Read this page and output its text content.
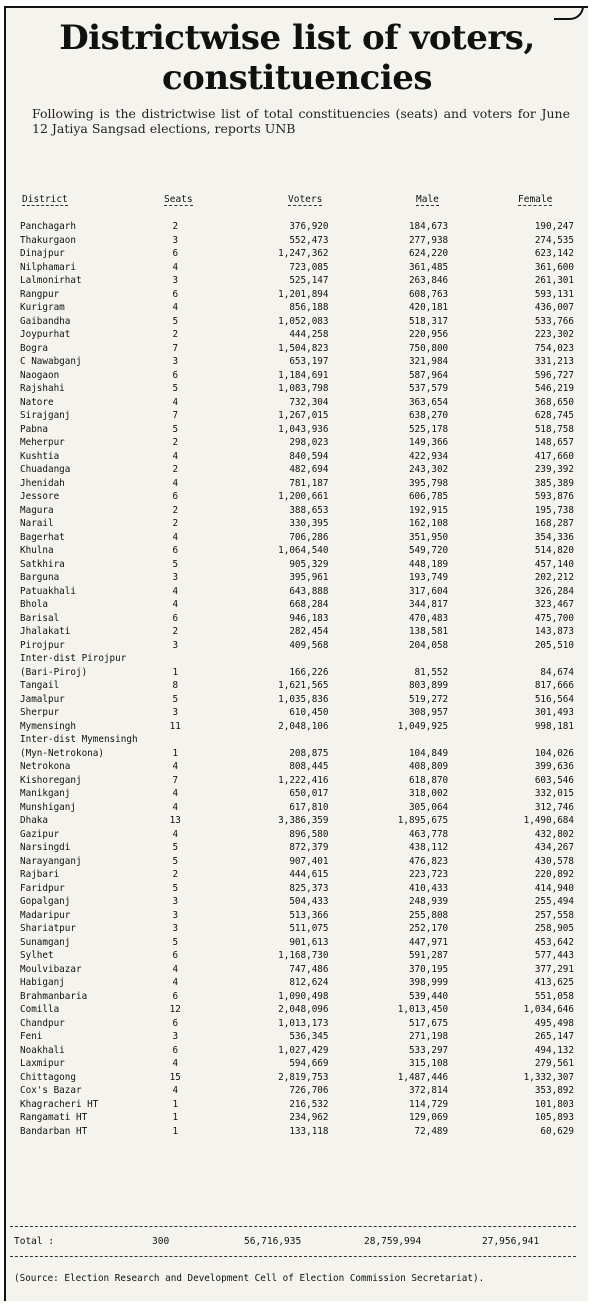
Districtwise list of voters, constituencies

Following is the districtwise list of total constituencies (seats) and voters for June 12 Jatiya Sangsad elections, reports UNB

District	Seats	Voters	Male	Female
Panchagarh	2	376,920	184,673	190,247
Thakurgaon	3	552,473	277,938	274,535
Dinajpur	6	1,247,362	624,220	623,142
Nilphamari	4	723,085	361,485	361,600
Lalmonirhat	3	525,147	263,846	261,301
Rangpur	6	1,201,894	608,763	593,131
Kurigram	4	856,188	420,181	436,007
Gaibandha	5	1,052,083	518,317	533,766
Joypurhat	2	444,258	220,956	223,302
Bogra	7	1,504,823	750,800	754,023
C Nawabganj	3	653,197	321,984	331,213
Naogaon	6	1,184,691	587,964	596,727
Rajshahi	5	1,083,798	537,579	546,219
Natore	4	732,304	363,654	368,650
Sirajganj	7	1,267,015	638,270	628,745
Pabna	5	1,043,936	525,178	518,758
Meherpur	2	298,023	149,366	148,657
Kushtia	4	840,594	422,934	417,660
Chuadanga	2	482,694	243,302	239,392
Jhenidah	4	781,187	395,798	385,389
Jessore	6	1,200,661	606,785	593,876
Magura	2	388,653	192,915	195,738
Narail	2	330,395	162,108	168,287
Bagerhat	4	706,286	351,950	354,336
Khulna	6	1,064,540	549,720	514,820
Satkhira	5	905,329	448,189	457,140
Barguna	3	395,961	193,749	202,212
Patuakhali	4	643,888	317,604	326,284
Bhola	4	668,284	344,817	323,467
Barisal	6	946,183	470,483	475,700
Jhalakati	2	282,454	138,581	143,873
Pirojpur	3	409,568	204,058	205,510
Inter-dist Pirojpur				
(Bari-Piroj)	1	166,226	81,552	84,674
Tangail	8	1,621,565	803,899	817,666
Jamalpur	5	1,035,836	519,272	516,564
Sherpur	3	610,450	308,957	301,493
Mymensingh	11	2,048,106	1,049,925	998,181
Inter-dist Mymensingh				
(Myn-Netrokona)	1	208,875	104,849	104,026
Netrokona	4	808,445	408,809	399,636
Kishoreganj	7	1,222,416	618,870	603,546
Manikganj	4	650,017	318,002	332,015
Munshiganj	4	617,810	305,064	312,746
Dhaka	13	3,386,359	1,895,675	1,490,684
Gazipur	4	896,580	463,778	432,802
Narsingdi	5	872,379	438,112	434,267
Narayanganj	5	907,401	476,823	430,578
Rajbari	2	444,615	223,723	220,892
Faridpur	5	825,373	410,433	414,940
Gopalganj	3	504,433	248,939	255,494
Madaripur	3	513,366	255,808	257,558
Shariatpur	3	511,075	252,170	258,905
Sunamganj	5	901,613	447,971	453,642
Sylhet	6	1,168,730	591,287	577,443
Moulvibazar	4	747,486	370,195	377,291
Habiganj	4	812,624	398,999	413,625
Brahmanbaria	6	1,090,498	539,440	551,058
Comilla	12	2,048,096	1,013,450	1,034,646
Chandpur	6	1,013,173	517,675	495,498
Feni	3	536,345	271,198	265,147
Noakhali	6	1,027,429	533,297	494,132
Laxmipur	4	594,669	315,108	279,561
Chittagong	15	2,819,753	1,487,446	1,332,307
Cox's Bazar	4	726,706	372,814	353,892
Khagracheri HT	1	216,532	114,729	101,803
Rangamati HT	1	234,962	129,069	105,893
Bandarban HT	1	133,118	72,489	60,629
Total :	300	56,716,935	28,759,994	27,956,941
(Source: Election Research and Development Cell of Election Commission Secretariat).
